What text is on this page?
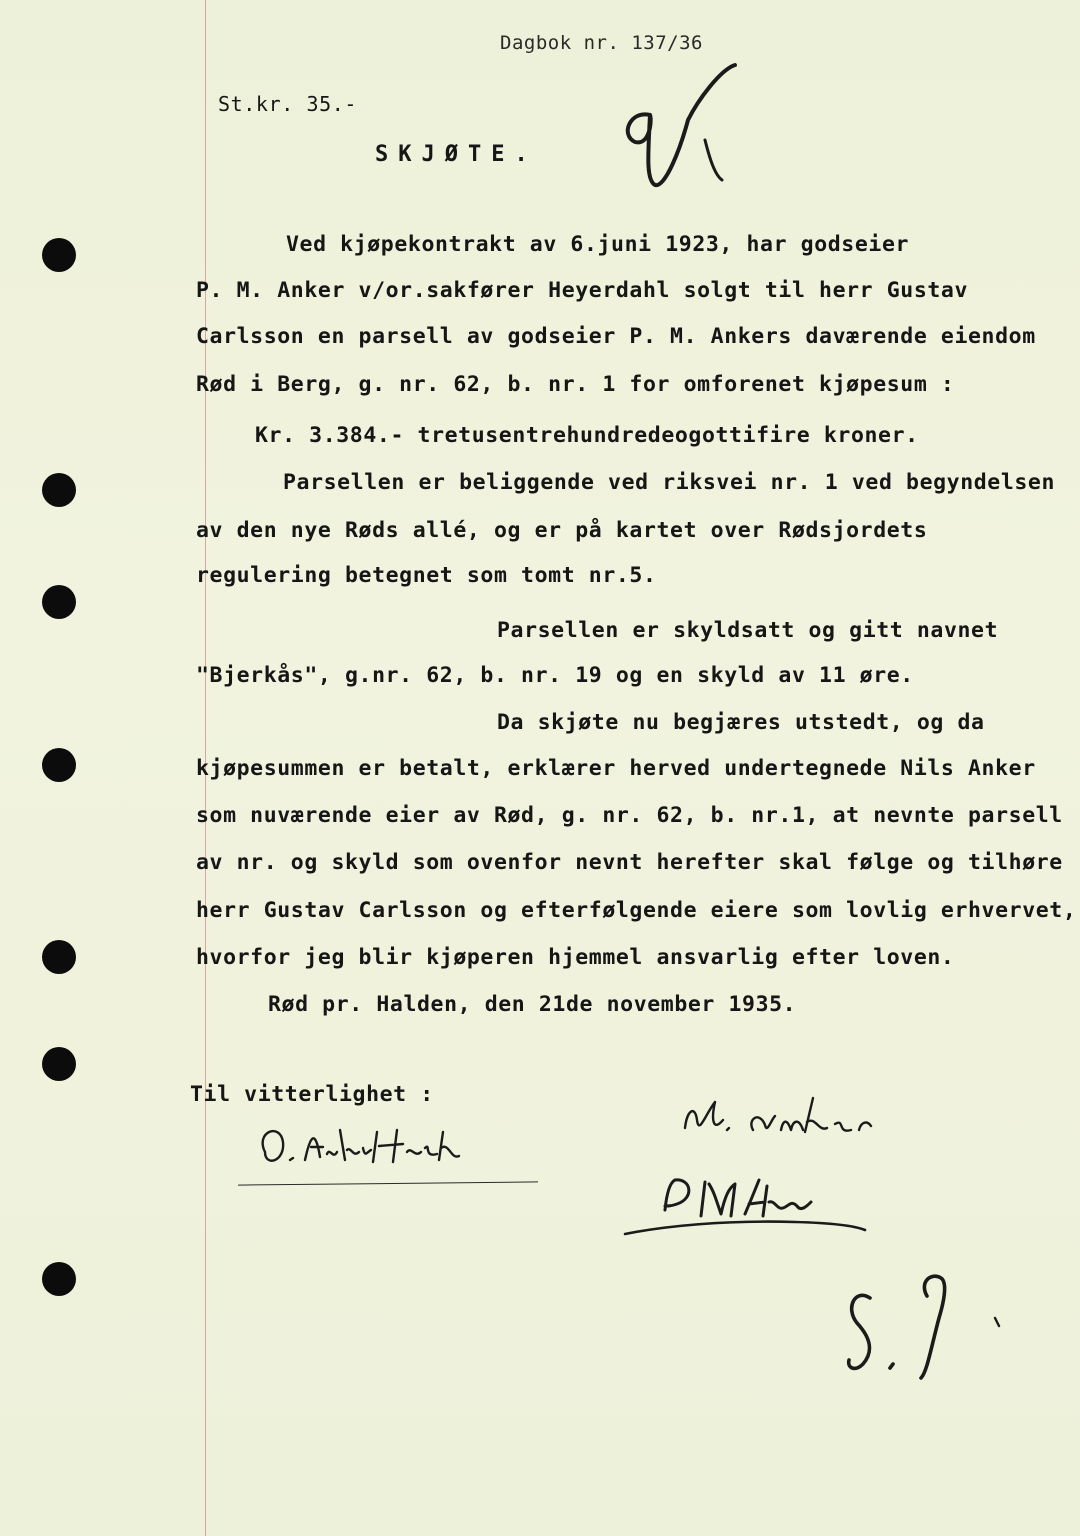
Dagbok nr. 137/36
St.kr. 35.-
SKJØTE.
Ved kjøpekontrakt av 6.juni 1923, har godseier
P. M. Anker v/or.sakfører Heyerdahl solgt til herr Gustav
Carlsson en parsell av godseier P. M. Ankers daværende eiendom
Rød i Berg, g. nr. 62, b. nr. 1 for omforenet kjøpesum :
Kr. 3.384.- tretusentrehundredeogottifire kroner.
Parsellen er beliggende ved riksvei nr. 1 ved begyndelsen
av den nye Røds allé, og er på kartet over Rødsjordets
regulering betegnet som tomt nr.5.
Parsellen er skyldsatt og gitt navnet
"Bjerkås", g.nr. 62, b. nr. 19 og en skyld av 11 øre.
Da skjøte nu begjæres utstedt, og da
kjøpesummen er betalt, erklærer herved undertegnede Nils Anker
som nuværende eier av Rød, g. nr. 62, b. nr.1, at nevnte parsell
av nr. og skyld som ovenfor nevnt herefter skal følge og tilhøre
herr Gustav Carlsson og efterfølgende eiere som lovlig erhvervet,
hvorfor jeg blir kjøperen hjemmel ansvarlig efter loven.
Rød pr. Halden, den 21de november 1935.
Til vitterlighet :
